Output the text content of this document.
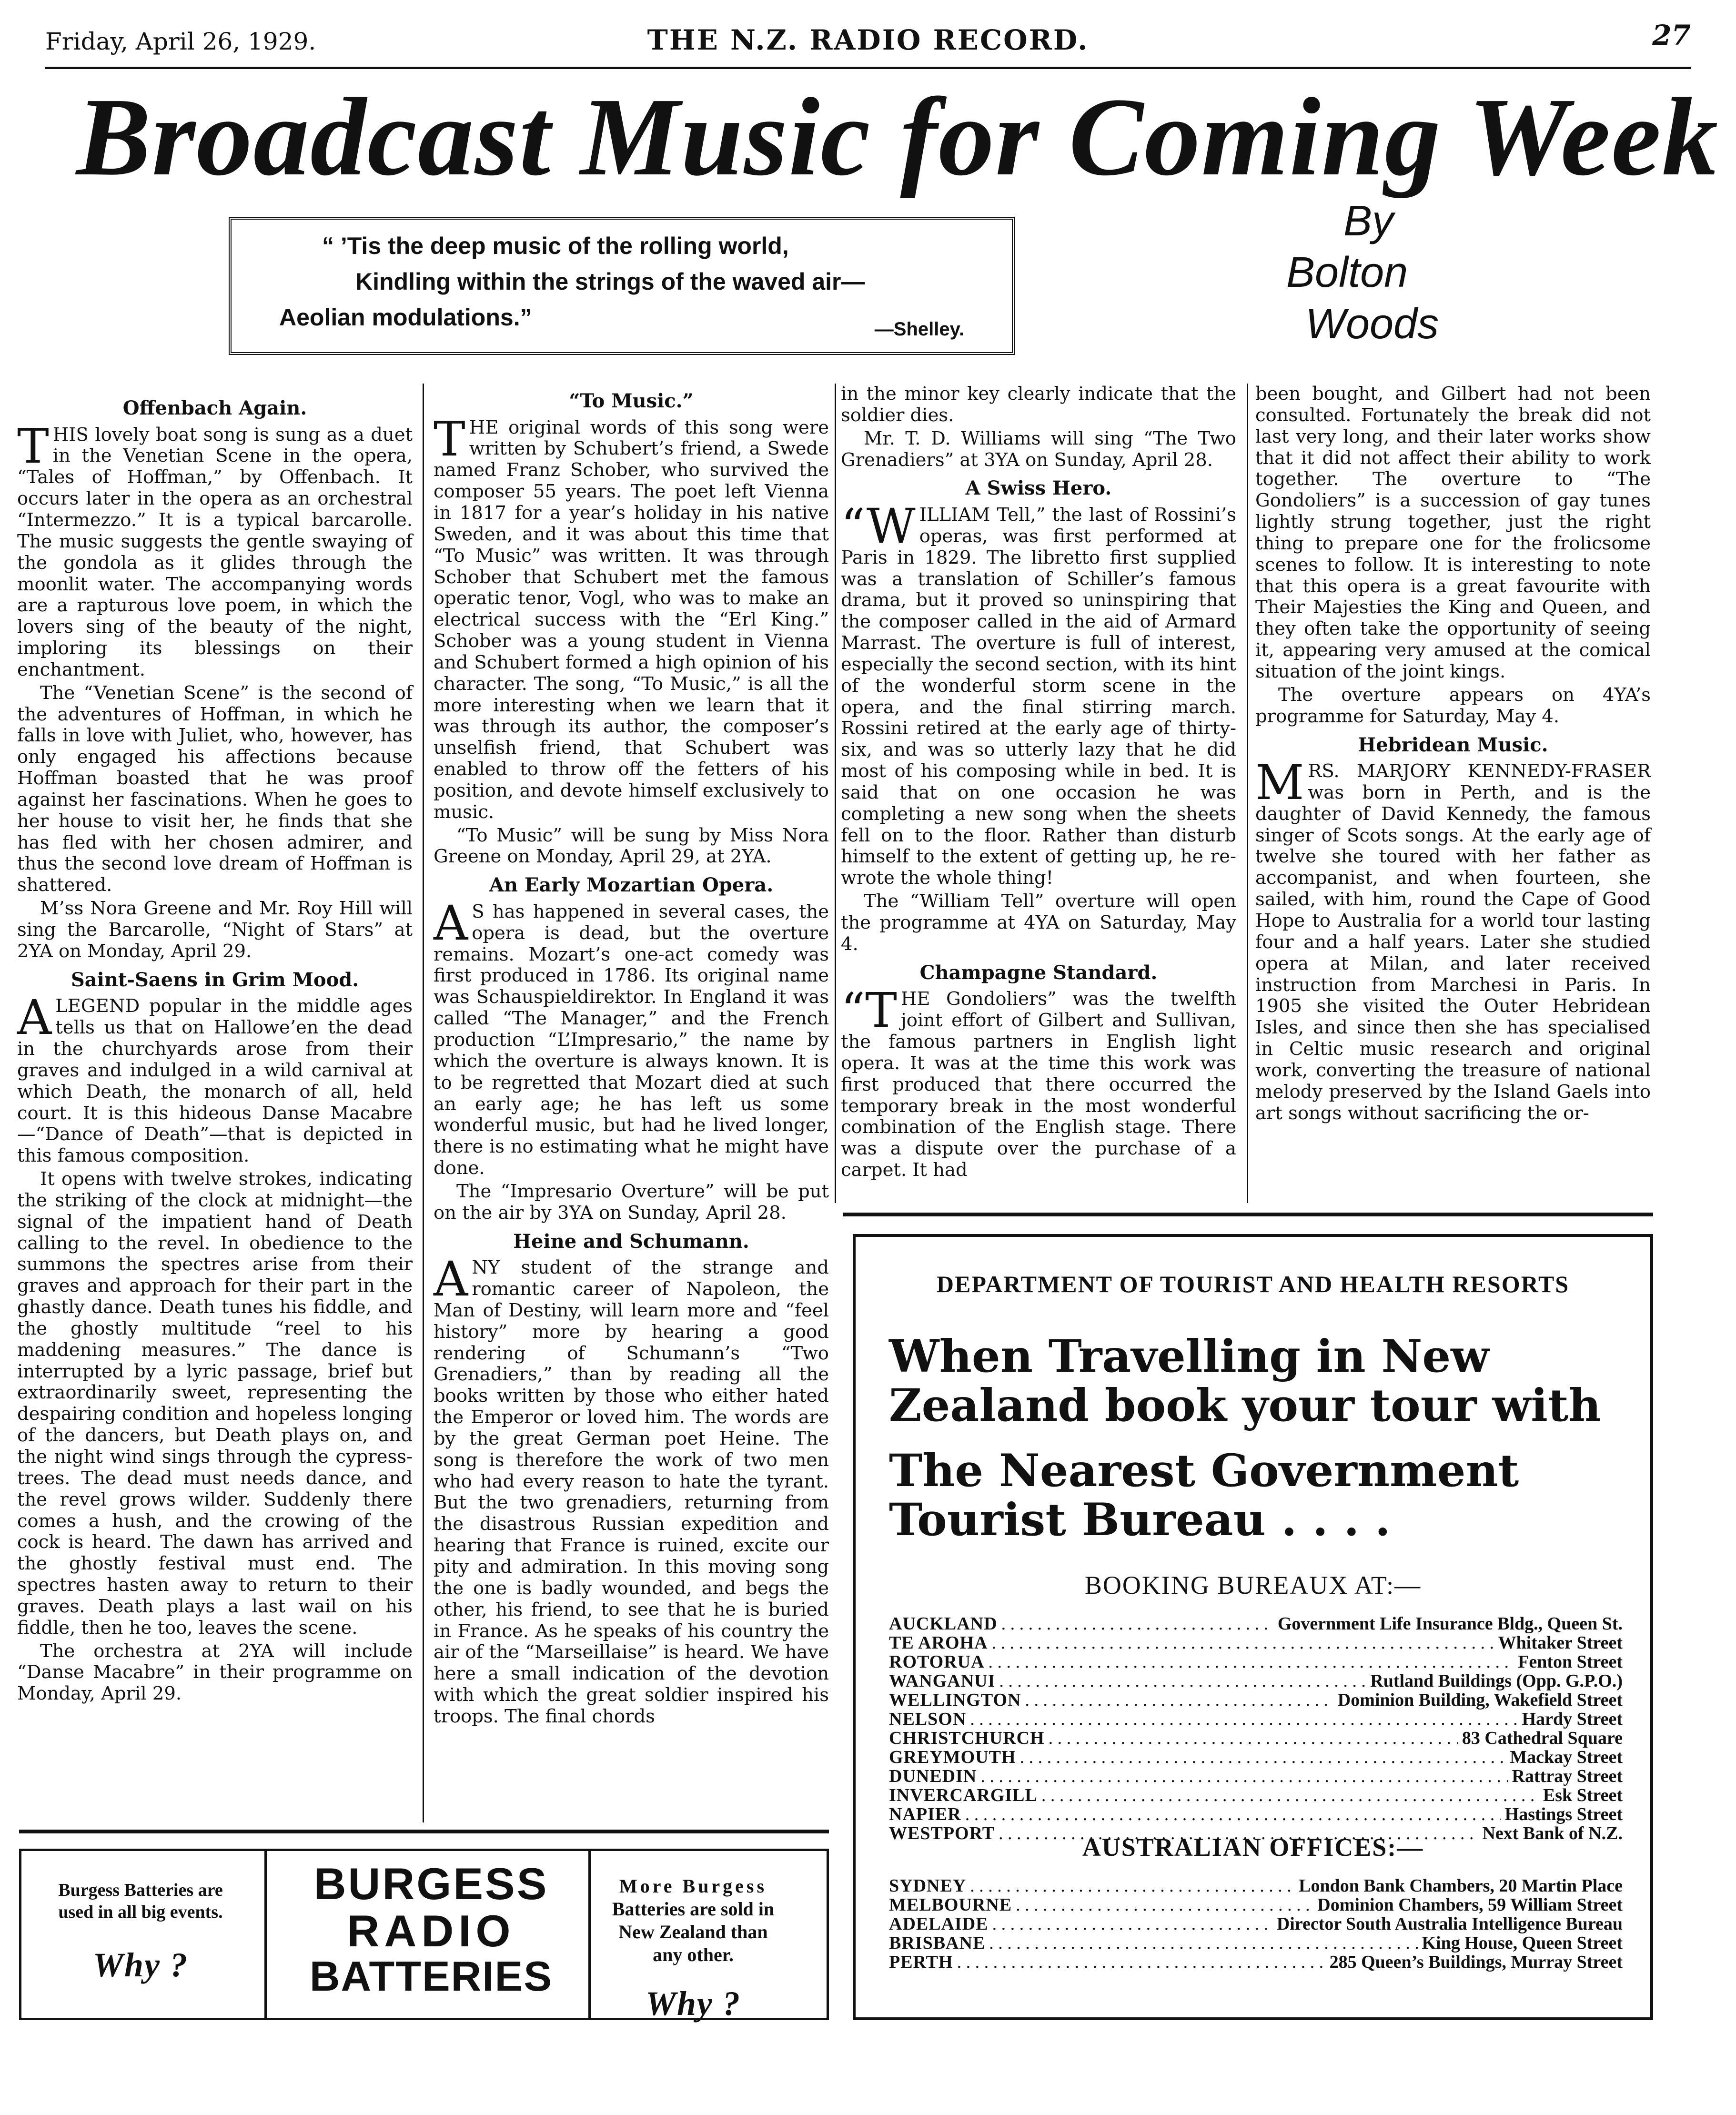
Friday, April 26, 1929.	THE N.Z. RADIO RECORD.	27
Broadcast Music for Coming Week
“ ’Tis the deep music of the rolling world,
Kindling within the strings of the waved air—
Aeolian modulations.”	—Shelley.
By
Bolton
Woods
Offenbach Again.

THIS lovely boat song is sung as a duet in the Venetian Scene in the opera, “Tales of Hoffman,” by Offenbach. It occurs later in the opera as an orchestral “Intermezzo.” It is a typical barcarolle. The music suggests the gentle swaying of the gondola as it glides through the moonlit water. The accompanying words are a rapturous love poem, in which the lovers sing of the beauty of the night, imploring its blessings on their enchantment.

The “Venetian Scene” is the second of the adventures of Hoffman, in which he falls in love with Juliet, who, however, has only engaged his affections because Hoffman boasted that he was proof against her fascinations. When he goes to her house to visit her, he finds that she has fled with her chosen admirer, and thus the second love dream of Hoffman is shattered.

M’ss Nora Greene and Mr. Roy Hill will sing the Barcarolle, “Night of Stars” at 2YA on Monday, April 29.

Saint-Saens in Grim Mood.

ALEGEND popular in the middle ages tells us that on Hallowe’en the dead in the churchyards arose from their graves and indulged in a wild carnival at which Death, the monarch of all, held court. It is this hideous Danse Macabre—“Dance of Death”—that is depicted in this famous composition.

It opens with twelve strokes, indicating the striking of the clock at midnight—the signal of the impatient hand of Death calling to the revel. In obedience to the summons the spectres arise from their graves and approach for their part in the ghastly dance. Death tunes his fiddle, and the ghostly multitude “reel to his maddening measures.” The dance is interrupted by a lyric passage, brief but extraordinarily sweet, representing the despairing condition and hopeless longing of the dancers, but Death plays on, and the night wind sings through the cypress-trees. The dead must needs dance, and the revel grows wilder. Suddenly there comes a hush, and the crowing of the cock is heard. The dawn has arrived and the ghostly festival must end. The spectres hasten away to return to their graves. Death plays a last wail on his fiddle, then he too, leaves the scene.

The orchestra at 2YA will include “Danse Macabre” in their programme on Monday, April 29.

“To Music.”

THE original words of this song were written by Schubert’s friend, a Swede named Franz Schober, who survived the composer 55 years. The poet left Vienna in 1817 for a year’s holiday in his native Sweden, and it was about this time that “To Music” was written. It was through Schober that Schubert met the famous operatic tenor, Vogl, who was to make an electrical success with the “Erl King.” Schober was a young student in Vienna and Schubert formed a high opinion of his character. The song, “To Music,” is all the more interesting when we learn that it was through its author, the composer’s unselfish friend, that Schubert was enabled to throw off the fetters of his position, and devote himself exclusively to music.

“To Music” will be sung by Miss Nora Greene on Monday, April 29, at 2YA.

An Early Mozartian Opera.

A S has happened in several cases, the opera is dead, but the overture remains. Mozart’s one-act comedy was first produced in 1786. Its original name was Schauspieldirektor. In England it was called “The Manager,” and the French production “L’Impresario,” the name by which the overture is always known. It is to be regretted that Mozart died at such an early age; he has left us some wonderful music, but had he lived longer, there is no estimating what he might have done.

The “Impresario Overture” will be put on the air by 3YA on Sunday, April 28.

Heine and Schumann.

ANY student of the strange and romantic career of Napoleon, the Man of Destiny, will learn more and “feel history” more by hearing a good rendering of Schumann’s “Two Grenadiers,” than by reading all the books written by those who either hated the Emperor or loved him. The words are by the great German poet Heine. The song is therefore the work of two men who had every reason to hate the tyrant. But the two grenadiers, returning from the disastrous Russian expedition and hearing that France is ruined, excite our pity and admiration. In this moving song the one is badly wounded, and begs the other, his friend, to see that he is buried in France. As he speaks of his country the air of the “Marseillaise” is heard. We have here a small indication of the devotion with which the great soldier inspired his troops. The final chords

in the minor key clearly indicate that the soldier dies.

Mr. T. D. Williams will sing “The Two Grenadiers” at 3YA on Sunday, April 28.

A Swiss Hero.

“WILLIAM Tell,” the last of Rossini’s operas, was first performed at Paris in 1829. The libretto first supplied was a translation of Schiller’s famous drama, but it proved so uninspiring that the composer called in the aid of Armard Marrast. The overture is full of interest, especially the second section, with its hint of the wonderful storm scene in the opera, and the final stirring march. Rossini retired at the early age of thirty-six, and was so utterly lazy that he did most of his composing while in bed. It is said that on one occasion he was completing a new song when the sheets fell on to the floor. Rather than disturb himself to the extent of getting up, he re-wrote the whole thing!

The “William Tell” overture will open the programme at 4YA on Saturday, May 4.

Champagne Standard.

“THE Gondoliers” was the twelfth joint effort of Gilbert and Sullivan, the famous partners in English light opera. It was at the time this work was first produced that there occurred the temporary break in the most wonderful combination of the English stage. There was a dispute over the purchase of a carpet. It had

been bought, and Gilbert had not been consulted. Fortunately the break did not last very long, and their later works show that it did not affect their ability to work together. The overture to “The Gondoliers” is a succession of gay tunes lightly strung together, just the right thing to prepare one for the frolicsome scenes to follow. It is interesting to note that this opera is a great favourite with Their Majesties the King and Queen, and they often take the opportunity of seeing it, appearing very amused at the comical situation of the joint kings.

The overture appears on 4YA’s programme for Saturday, May 4.

Hebridean Music.

MRS. MARJORY KENNEDY-FRASER was born in Perth, and is the daughter of David Kennedy, the famous singer of Scots songs. At the early age of twelve she toured with her father as accompanist, and when fourteen, she sailed, with him, round the Cape of Good Hope to Australia for a world tour lasting four and a half years. Later she studied opera at Milan, and later received instruction from Marchesi in Paris. In 1905 she visited the Outer Hebridean Isles, and since then she has specialised in Celtic music research and original work, converting the treasure of national melody preserved by the Island Gaels into art songs without sacrificing the or-

DEPARTMENT OF TOURIST AND HEALTH RESORTS
When Travelling in New Zealand book your tour with
The Nearest Government Tourist Bureau . . . .
BOOKING BUREAUX AT:—
AUCKLAND . . .	Government Life Insurance Bldg., Queen St.
TE AROHA . . .	Whitaker Street
ROTORUA . . .	Fenton Street
WANGANUI . . .	Rutland Buildings (Opp. G.P.O.)
WELLINGTON . . .	Dominion Building, Wakefield Street
NELSON . . .	Hardy Street
CHRISTCHURCH . . .	83 Cathedral Square
GREYMOUTH . . .	Mackay Street
DUNEDIN . . .	Rattray Street
INVERCARGILL . . .	Esk Street
NAPIER . . .	Hastings Street
WESTPORT . . .	Next Bank of N.Z.
AUSTRALIAN OFFICES:—
SYDNEY . . .	London Bank Chambers, 20 Martin Place
MELBOURNE . . .	Dominion Chambers, 59 William Street
ADELAIDE . . .	Director South Australia Intelligence Bureau
BRISBANE . . .	King House, Queen Street
PERTH . . .	285 Queen’s Buildings, Murray Street
Burgess Batteries are used in all big events.
Why ?
BURGESS
RADIO
BATTERIES
More Burgess
Batteries are sold in New Zealand than any other.
Why ?
